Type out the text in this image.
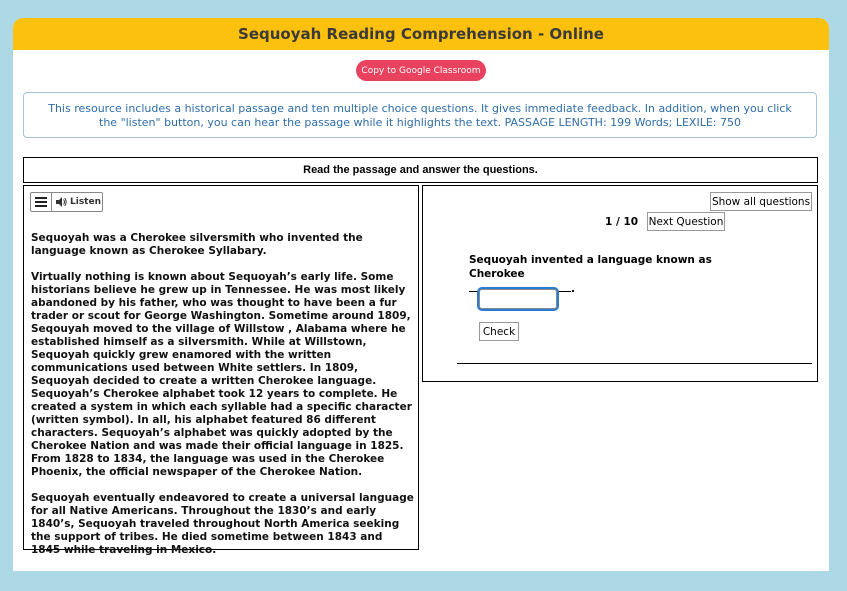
Sequoyah Reading Comprehension - Online
Copy to Google Classroom
This resource includes a historical passage and ten multiple choice questions. It gives immediate feedback. In addition, when you click the "listen" button, you can hear the passage while it highlights the text. PASSAGE LENGTH: 199 Words; LEXILE: 750
Read the passage and answer the questions.
Listen

Sequoyah was a Cherokee silversmith who invented the language known as Cherokee Syllabary.

Virtually nothing is known about Sequoyah’s early life. Some historians believe he grew up in Tennessee. He was most likely abandoned by his father, who was thought to have been a fur trader or scout for George Washington. Sometime around 1809, Seqouyah moved to the village of Willstow , Alabama where he established himself as a silversmith. While at Willstown, Sequoyah quickly grew enamored with the written communications used between White settlers. In 1809, Sequoyah decided to create a written Cherokee language. Sequoyah’s Cherokee alphabet took 12 years to complete. He created a system in which each syllable had a specific character (written symbol). In all, his alphabet featured 86 different characters. Sequoyah’s alphabet was quickly adopted by the Cherokee Nation and was made their official language in 1825. From 1828 to 1834, the language was used in the Cherokee Phoenix, the official newspaper of the Cherokee Nation.

Sequoyah eventually endeavored to create a universal language for all Native Americans. Throughout the 1830’s and early 1840’s, Sequoyah traveled throughout North America seeking the support of tribes. He died sometime between 1843 and 1845 while traveling in Mexico.

Show all questions
1 / 10 Next Question
Sequoyah invented a language known as Cherokee
.
Check
